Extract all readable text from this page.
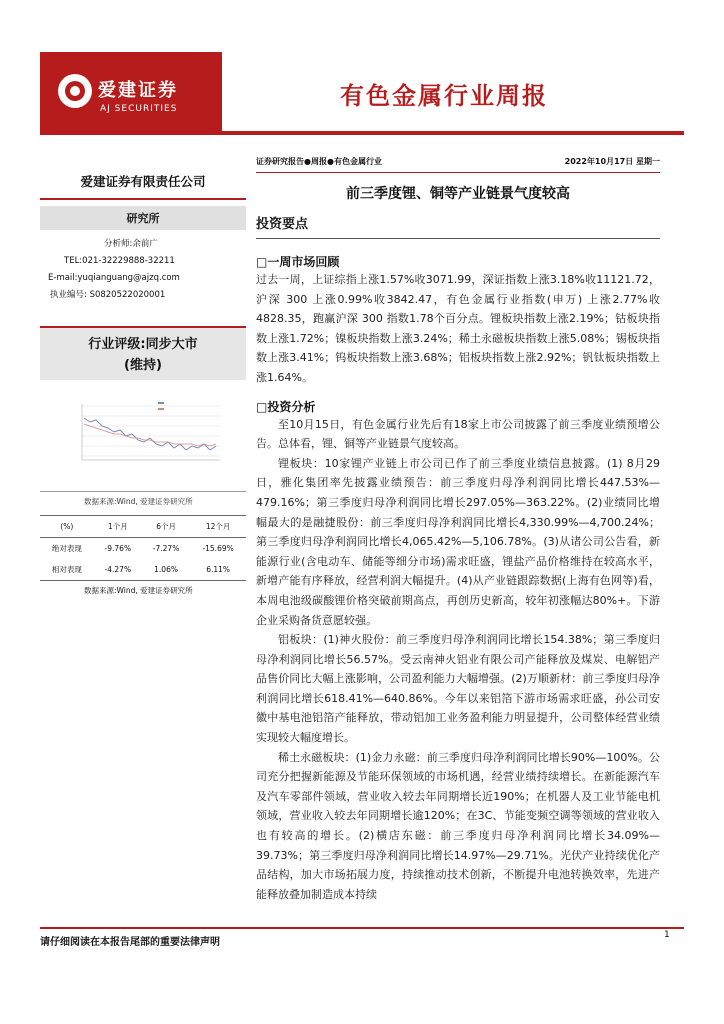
爱建证券
AJ SECURITIES	有色金属行业周报
爱建证券有限责任公司
研究所
分析师:余前广
TEL:021-32229888-32211
E-mail:yuqianguang@ajzq.com
执业编号: S0820522020001
行业评级:同步大市
(维持)
数据来源:Wind, 爱建证券研究所
(%)	1个月	6个月	12个月
绝对表现	-9.76%	-7.27%	-15.69%
相对表现	-4.27%	1.06%	6.11%
数据来源:Wind, 爱建证券研究所
证券研究报告●周报●有色金属行业	2022年10月17日 星期一
前三季度锂、铜等产业链景气度较高
投资要点
□一周市场回顾
过去一周，上证综指上涨1.57%收3071.99，深证指数上涨3.18%收11121.72，沪深 300 上涨0.99%收3842.47，有色金属行业指数(申万) 上涨2.77%收4828.35，跑赢沪深 300 指数1.78个百分点。锂板块指数上涨2.19%；钴板块指数上涨1.72%；镍板块指数上涨3.24%；稀土永磁板块指数上涨5.08%；锡板块指数上涨3.41%；钨板块指数上涨3.68%；铝板块指数上涨2.92%；钒钛板块指数上涨1.64%。
□投资分析
至10月15日，有色金属行业先后有18家上市公司披露了前三季度业绩预增公告。总体看，锂、铜等产业链景气度较高。
锂板块：10家锂产业链上市公司已作了前三季度业绩信息披露。(1) 8月29日，雅化集团率先披露业绩预告：前三季度归母净利润同比增长447.53%—479.16%；第三季度归母净利润同比增长297.05%—363.22%。(2)业绩同比增幅最大的是融捷股份：前三季度归母净利润同比增长4,330.99%—4,700.24%；第三季度归母净利润同比增长4,065.42%—5,106.78%。(3)从诸公司公告看，新能源行业(含电动车、储能等细分市场)需求旺盛，锂盐产品价格维持在较高水平，新增产能有序释放，经营利润大幅提升。(4)从产业链跟踪数据(上海有色网等)看，本周电池级碳酸锂价格突破前期高点，再创历史新高，较年初涨幅达80%+。下游企业采购备货意愿较强。
铝板块：(1)神火股份：前三季度归母净利润同比增长154.38%；第三季度归母净利润同比增长56.57%。受云南神火铝业有限公司产能释放及煤炭、电解铝产品售价同比大幅上涨影响，公司盈利能力大幅增强。(2)万顺新材：前三季度归母净利润同比增长618.41%—640.86%。今年以来铝箔下游市场需求旺盛，孙公司安徽中基电池铝箔产能释放，带动铝加工业务盈利能力明显提升，公司整体经营业绩实现较大幅度增长。
稀土永磁板块：(1)金力永磁：前三季度归母净利润同比增长90%—100%。公司充分把握新能源及节能环保领域的市场机遇，经营业绩持续增长。在新能源汽车及汽车零部件领域，营业收入较去年同期增长近190%；在机器人及工业节能电机领域，营业收入较去年同期增长逾120%；在3C、节能变频空调等领域的营业收入也有较高的增长。(2)横店东磁：前三季度归母净利润同比增长34.09%—39.73%；第三季度归母净利润同比增长14.97%—29.71%。光伏产业持续优化产品结构，加大市场拓展力度，持续推动技术创新，不断提升电池转换效率，先进产能释放叠加制造成本持续
请仔细阅读在本报告尾部的重要法律声明
1
